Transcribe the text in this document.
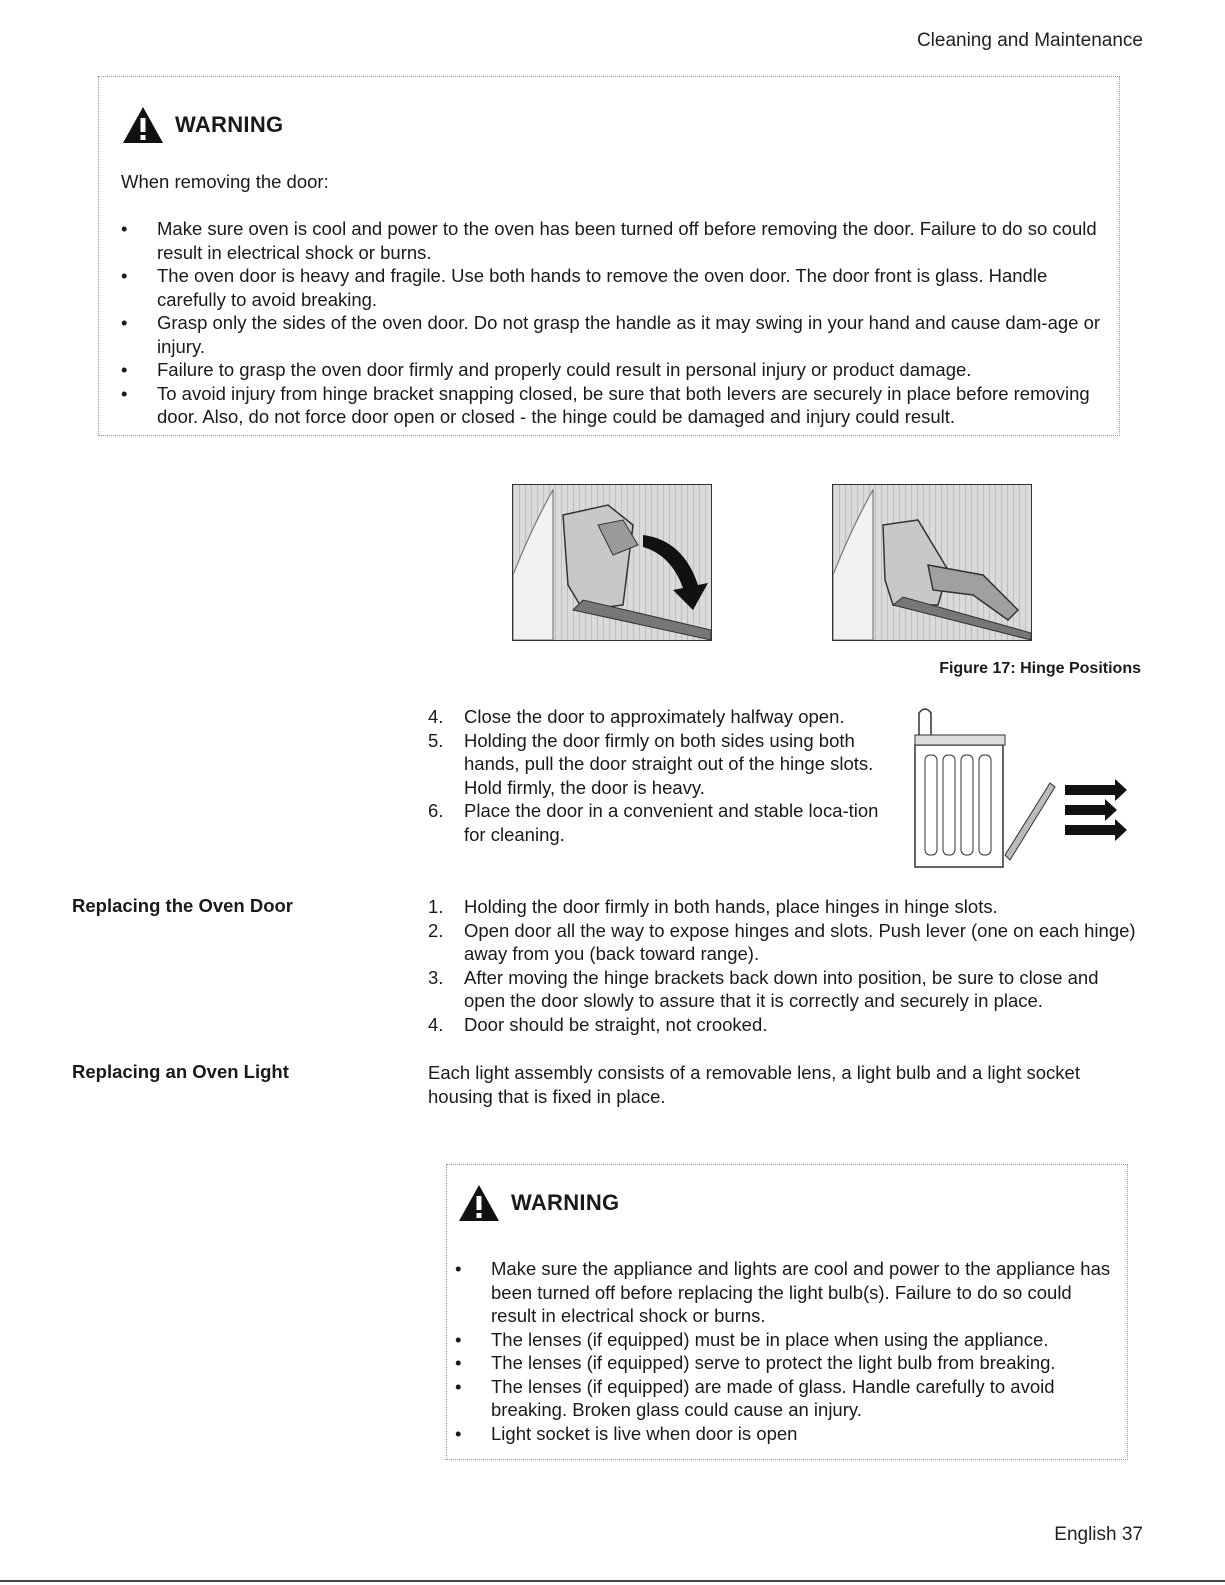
Cleaning and Maintenance
WARNING
When removing the door:
•	Make sure oven is cool and power to the oven has been turned off before removing the door. Failure to do so could result in electrical shock or burns.
•	The oven door is heavy and fragile. Use both hands to remove the oven door. The door front is glass. Handle carefully to avoid breaking.
•	Grasp only the sides of the oven door. Do not grasp the handle as it may swing in your hand and cause dam-age or injury.
•	Failure to grasp the oven door firmly and properly could result in personal injury or product damage.
•	To avoid injury from hinge bracket snapping closed, be sure that both levers are securely in place before removing door. Also, do not force door open or closed - the hinge could be damaged and injury could result.
Figure 17: Hinge Positions
4. Close the door to approximately halfway open.
5. Holding the door firmly on both sides using both hands, pull the door straight out of the hinge slots. Hold firmly, the door is heavy.
6. Place the door in a convenient and stable loca-tion for cleaning.
Replacing the Oven Door	1. Holding the door firmly in both hands, place hinges in hinge slots.
2. Open door all the way to expose hinges and slots. Push lever (one on each hinge) away from you (back toward range).
3. After moving the hinge brackets back down into position, be sure to close and open the door slowly to assure that it is correctly and securely in place.
4. Door should be straight, not crooked.
Replacing an Oven Light	Each light assembly consists of a removable lens, a light bulb and a light socket housing that is fixed in place.
WARNING
•	Make sure the appliance and lights are cool and power to the appliance has been turned off before replacing the light bulb(s). Failure to do so could result in electrical shock or burns.
•	The lenses (if equipped) must be in place when using the appliance.
•	The lenses (if equipped) serve to protect the light bulb from breaking.
•	The lenses (if equipped) are made of glass. Handle carefully to avoid breaking. Broken glass could cause an injury.
•	Light socket is live when door is open
English 37
